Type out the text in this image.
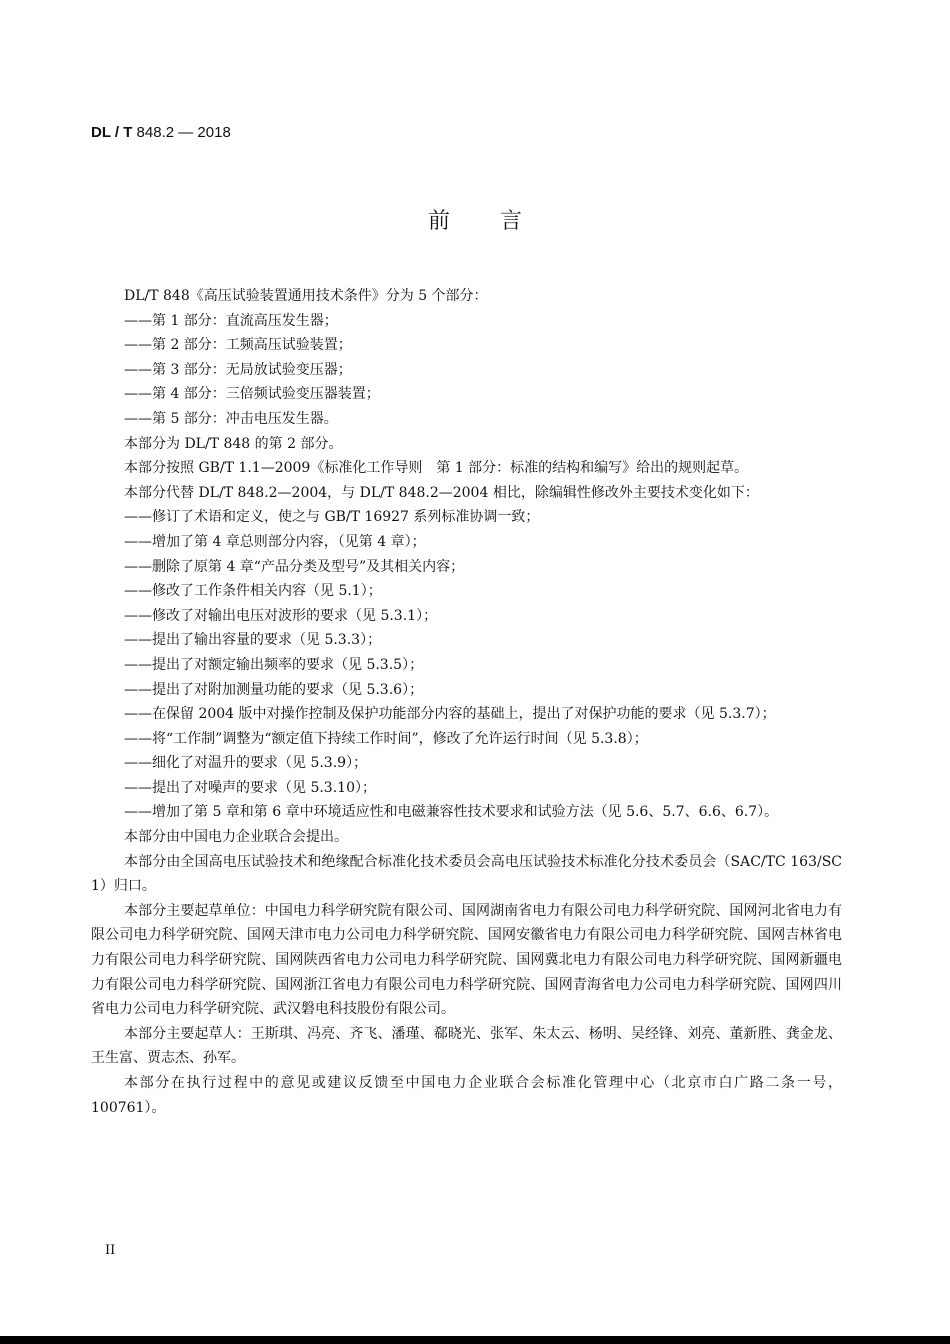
DL / T 848.2 — 2018
前言

DL/T 848《高压试验装置通用技术条件》分为 5 个部分：

——第 1 部分：直流高压发生器；

——第 2 部分：工频高压试验装置；

——第 3 部分：无局放试验变压器；

——第 4 部分：三倍频试验变压器装置；

——第 5 部分：冲击电压发生器。

本部分为 DL/T 848 的第 2 部分。

本部分按照 GB/T 1.1—2009《标准化工作导则　第 1 部分：标准的结构和编写》给出的规则起草。

本部分代替 DL/T 848.2—2004，与 DL/T 848.2—2004 相比，除编辑性修改外主要技术变化如下：

——修订了术语和定义，使之与 GB/T 16927 系列标准协调一致；

——增加了第 4 章总则部分内容，（见第 4 章）；

——删除了原第 4 章“产品分类及型号”及其相关内容；

——修改了工作条件相关内容（见 5.1）；

——修改了对输出电压对波形的要求（见 5.3.1）；

——提出了输出容量的要求（见 5.3.3）；

——提出了对额定输出频率的要求（见 5.3.5）；

——提出了对附加测量功能的要求（见 5.3.6）；

——在保留 2004 版中对操作控制及保护功能部分内容的基础上，提出了对保护功能的要求（见 5.3.7）；

——将“工作制”调整为“额定值下持续工作时间”，修改了允许运行时间（见 5.3.8）；

——细化了对温升的要求（见 5.3.9）；

——提出了对噪声的要求（见 5.3.10）；

——增加了第 5 章和第 6 章中环境适应性和电磁兼容性技术要求和试验方法（见 5.6、5.7、6.6、6.7）。

本部分由中国电力企业联合会提出。

本部分由全国高电压试验技术和绝缘配合标准化技术委员会高电压试验技术标准化分技术委员会（SAC/TC 163/SC 1）归口。

本部分主要起草单位：中国电力科学研究院有限公司、国网湖南省电力有限公司电力科学研究院、国网河北省电力有限公司电力科学研究院、国网天津市电力公司电力科学研究院、国网安徽省电力有限公司电力科学研究院、国网吉林省电力有限公司电力科学研究院、国网陕西省电力公司电力科学研究院、国网冀北电力有限公司电力科学研究院、国网新疆电力有限公司电力科学研究院、国网浙江省电力有限公司电力科学研究院、国网青海省电力公司电力科学研究院、国网四川省电力公司电力科学研究院、武汉磐电科技股份有限公司。

本部分主要起草人：王斯琪、冯亮、齐飞、潘瑾、郗晓光、张军、朱太云、杨明、吴经锋、刘亮、董新胜、龚金龙、王生富、贾志杰、孙军。

本部分在执行过程中的意见或建议反馈至中国电力企业联合会标准化管理中心（北京市白广路二条一号，100761）。

II
